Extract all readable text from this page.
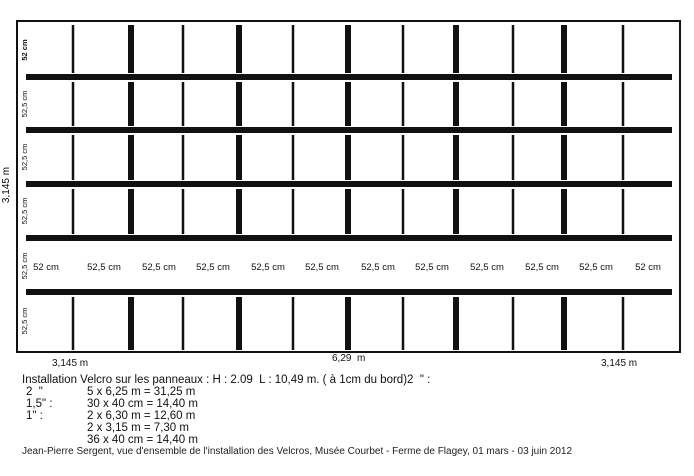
3,145 m
52 cm
52,5 cm
52,5 cm
52,5 cm
52,5 cm
52,5 cm
52 cm	52,5 cm 52,5 cm 52,5 cm 52,5 cm 52,5 cm 52,5 cm 52,5 cm 52,5 cm 52,5 cm 52,5 cm 52 cm
3,145 m	6,29  m	3,145 m
Installation Velcro sur les panneaux : H : 2.09  L : 10,49 m. ( à 1cm du bord)2  " :
2  "	5 x 6,25 m = 31,25 m
1,5" :	30 x 40 cm = 14,40 m
1" :	2 x 6,30 m = 12,60 m
2 x 3,15 m = 7,30 m
36 x 40 cm = 14,40 m
Jean-Pierre Sergent, vue d'ensemble de l'installation des Velcros, Musée Courbet - Ferme de Flagey, 01 mars - 03 juin 2012
